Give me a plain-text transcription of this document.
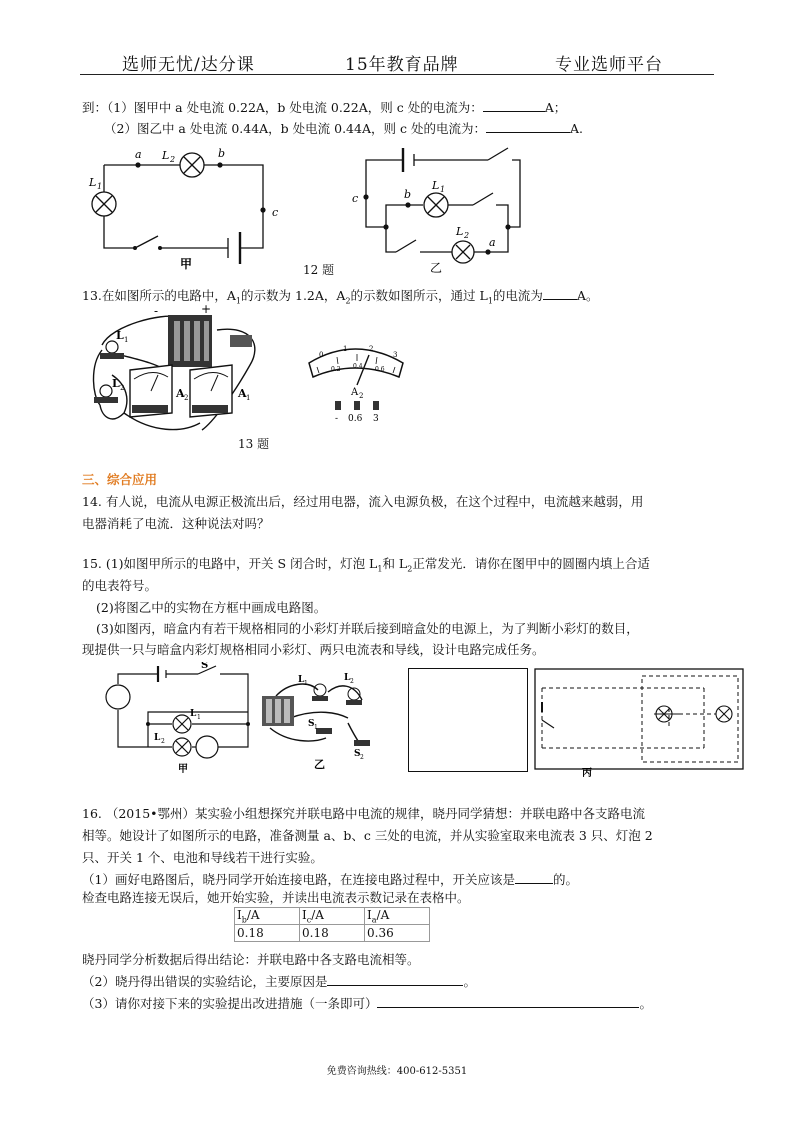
选师无忧/达分课	15年教育品牌	专业选师平台
到：（1）图甲中 a 处电流 0.22A，b 处电流 0.22A，则 c 处的电流为：	A；
（2）图乙中 a 处电流 0.44A，b 处电流 0.44A，则 c 处的电流为：	A.
a	b
c
L 1
L 2
甲	12 题
c	b
a
L 1
L 2
乙
13.在如图所示的电路中，$A_1$的示数为 1.2A，$A_2$的示数如图所示，通过 $L_1$的电流为	A。
-	+
L 1
L 2	A 2	A 1
0
1	2
3
0.2 0.4 0.6
A 2
- 0.6 3
13 题
三、综合应用
14. 有人说，电流从电源正极流出后，经过用电器，流入电源负极，在这个过程中，电流越来越弱，用
电器消耗了电流．这种说法对吗？
15. (1)如图甲所示的电路中，开关 S 闭合时，灯泡 $L_1$和 $L_2$正常发光．请你在图甲中的圆圈内填上合适
的电表符号。
(2)将图乙中的实物在方框中画成电路图。
(3)如图丙，暗盒内有若干规格相同的小彩灯并联后接到暗盒处的电源上，为了判断小彩灯的数目，
现提供一只与暗盒内彩灯规格相同小彩灯、两只电流表和导线，设计电路完成任务。
S
L 1
L 2
甲
L 1
L 2
S 1
S 2
乙
丙
16. （2015•鄂州）某实验小组想探究并联电路中电流的规律，晓丹同学猜想：并联电路中各支路电流
相等。她设计了如图所示的电路，准备测量 a、b、c 三处的电流，并从实验室取来电流表 3 只、灯泡 2
只、开关 1 个、电池和导线若干进行实验。
（1）画好电路图后，晓丹同学开始连接电路，在连接电路过程中，开关应该是	的。
检查电路连接无误后，她开始实验，并读出电流表示数记录在表格中。
$I_b/A$	$I_c/A$	$I_a/A$
0.18	0.18	0.36
晓丹同学分析数据后得出结论：并联电路中各支路电流相等。
（2）晓丹得出错误的实验结论，主要原因是	。
（3）请你对接下来的实验提出改进措施（一条即可）	。
免费咨询热线：400-612-5351
